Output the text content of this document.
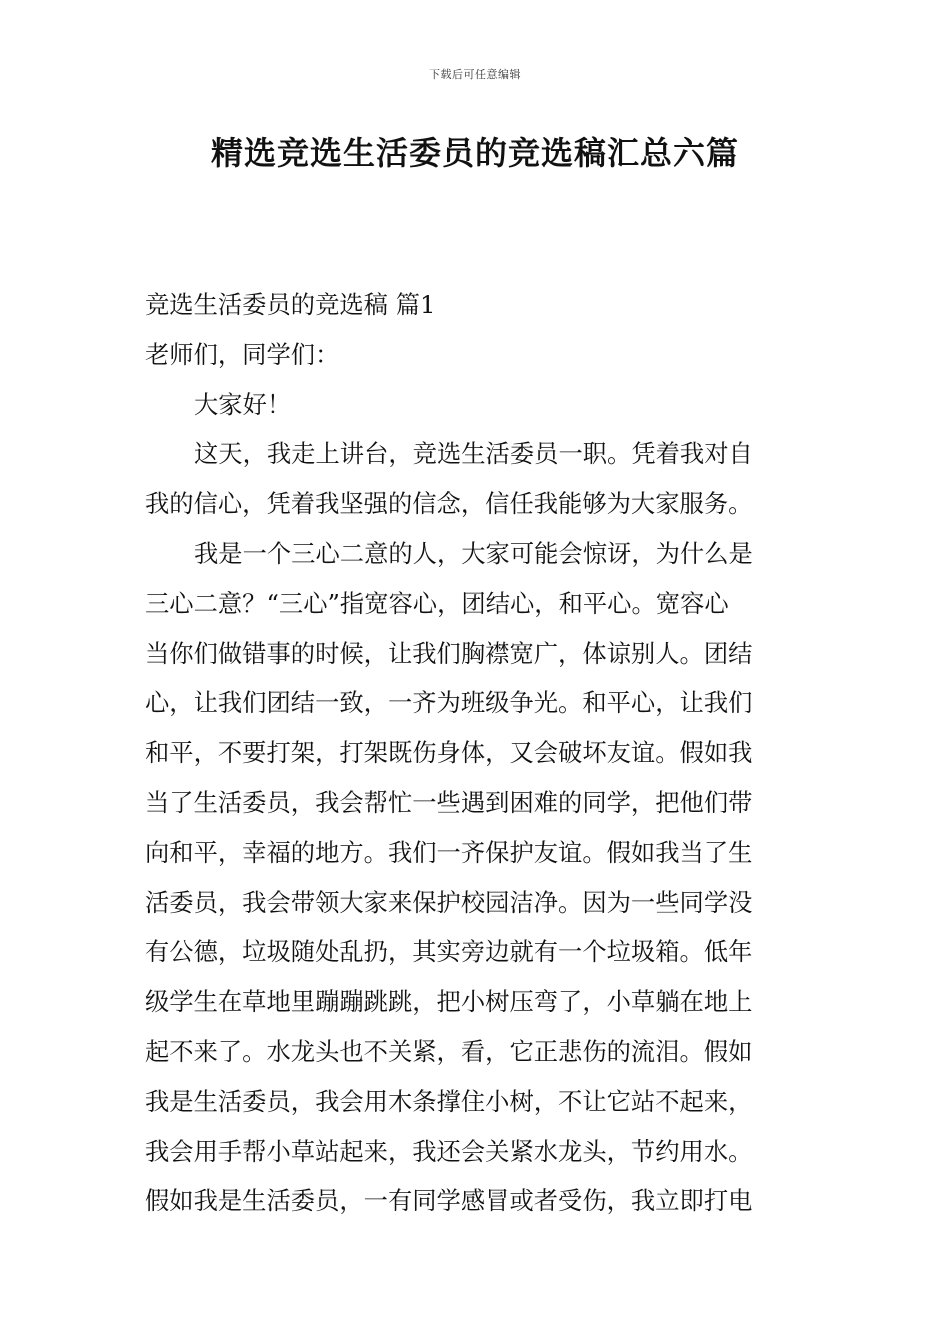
下载后可任意编辑
精选竞选生活委员的竞选稿汇总六篇
竞选生活委员的竞选稿 篇1
老师们，同学们：
大家好！
这天，我走上讲台，竞选生活委员一职。凭着我对自
我的信心，凭着我坚强的信念，信任我能够为大家服务。
我是一个三心二意的人，大家可能会惊讶，为什么是
三心二意？“三心”指宽容心，团结心，和平心。宽容心
当你们做错事的时候，让我们胸襟宽广，体谅别人。团结
心，让我们团结一致，一齐为班级争光。和平心，让我们
和平，不要打架，打架既伤身体，又会破坏友谊。假如我
当了生活委员，我会帮忙一些遇到困难的同学，把他们带
向和平，幸福的地方。我们一齐保护友谊。假如我当了生
活委员，我会带领大家来保护校园洁净。因为一些同学没
有公德，垃圾随处乱扔，其实旁边就有一个垃圾箱。低年
级学生在草地里蹦蹦跳跳，把小树压弯了，小草躺在地上
起不来了。水龙头也不关紧，看，它正悲伤的流泪。假如
我是生活委员，我会用木条撑住小树，不让它站不起来，
我会用手帮小草站起来，我还会关紧水龙头，节约用水。
假如我是生活委员，一有同学感冒或者受伤，我立即打电
